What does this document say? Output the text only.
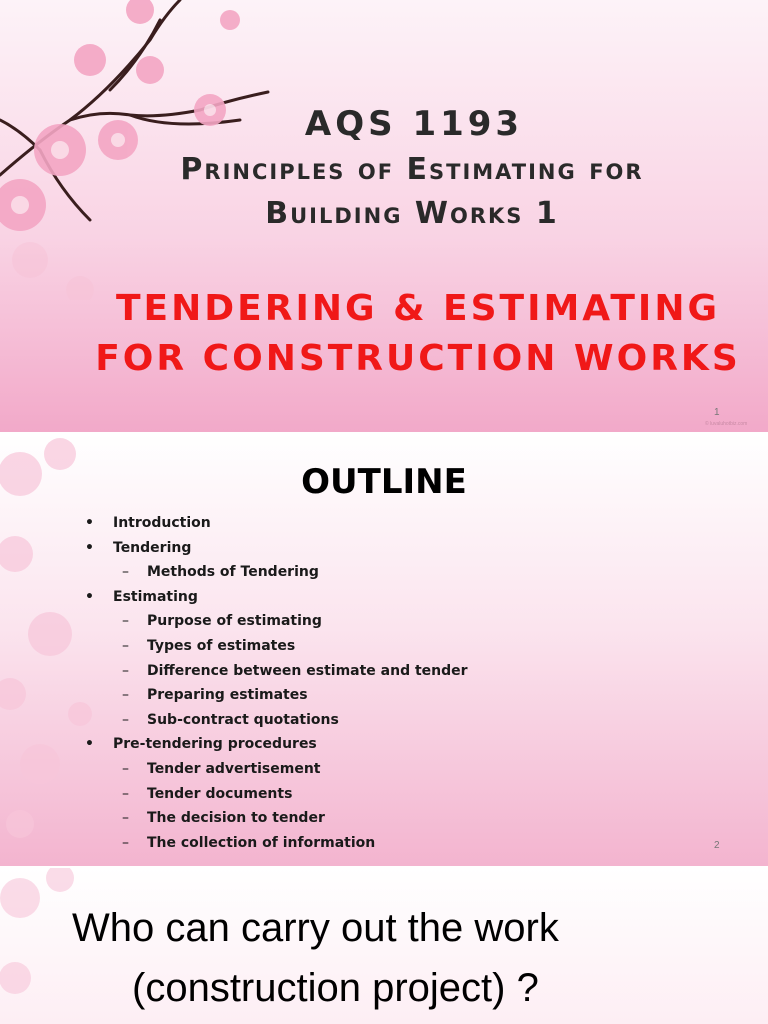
AQS 1193
Principles of Estimating for
Building Works 1
TENDERING & ESTIMATING
FOR CONSTRUCTION WORKS
1
© luvaluhotbiz.com
OUTLINE
• Introduction
• Tendering
– Methods of Tendering
• Estimating
– Purpose of estimating
– Types of estimates
– Difference between estimate and tender
– Preparing estimates
– Sub-contract quotations
• Pre-tendering procedures
– Tender advertisement
– Tender documents
– The decision to tender
– The collection of information	2
Who can carry out the work
(construction project) ?
